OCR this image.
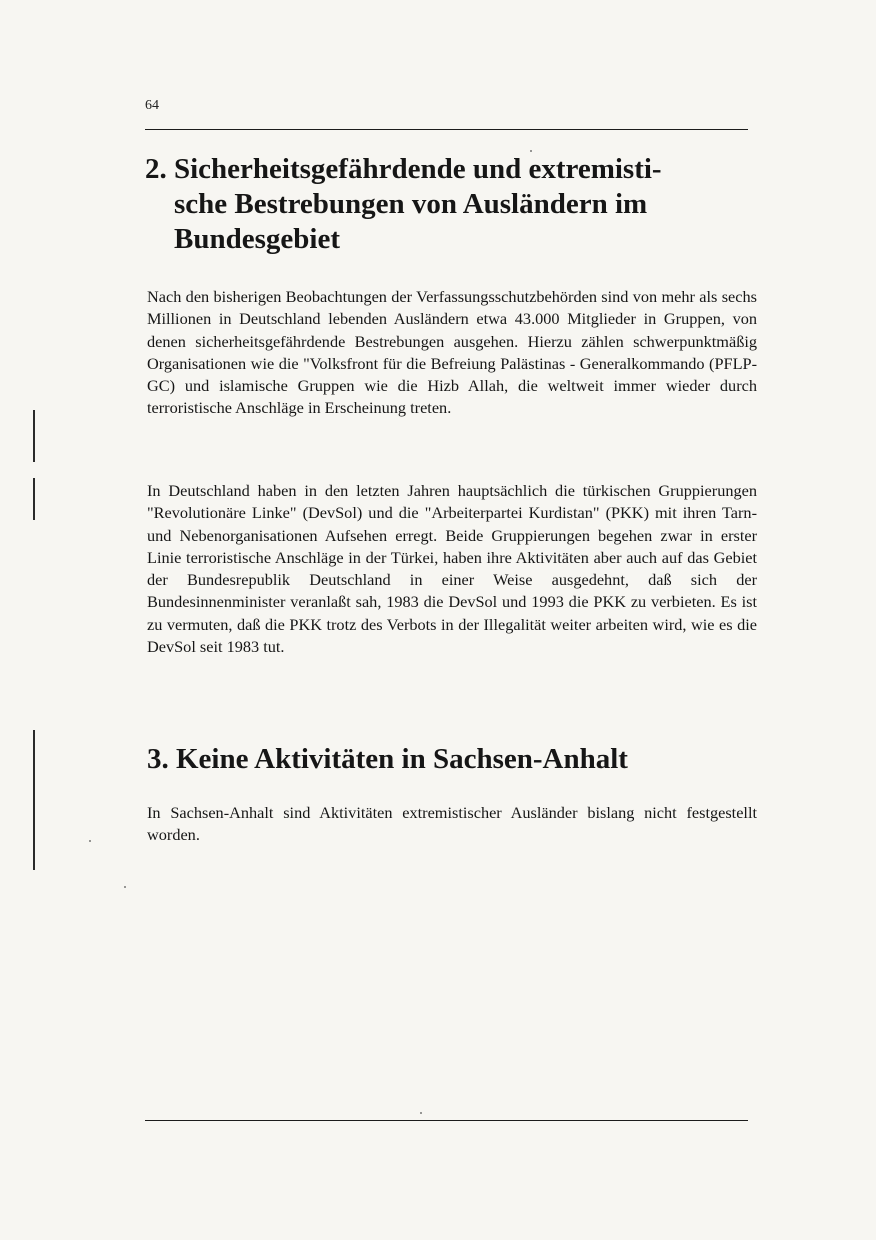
64
2. Sicherheitsgefährdende und extremisti-
sche Bestrebungen von Ausländern im
Bundesgebiet

Nach den bisherigen Beobachtungen der Verfassungsschutzbehörden sind von mehr als sechs Millionen in Deutschland lebenden Ausländern etwa 43.000 Mitglieder in Gruppen, von denen sicherheitsgefährdende Bestrebungen ausgehen. Hierzu zählen schwerpunktmäßig Organisationen wie die "Volksfront für die Befreiung Palästinas - Generalkommando (PFLP-GC) und islamische Gruppen wie die Hizb Allah, die weltweit immer wieder durch terroristische Anschläge in Erscheinung treten.

In Deutschland haben in den letzten Jahren hauptsächlich die türkischen Gruppierungen "Revolutionäre Linke" (DevSol) und die "Arbeiterpartei Kurdistan" (PKK) mit ihren Tarn- und Nebenorganisationen Aufsehen erregt. Beide Gruppierungen begehen zwar in erster Linie terroristische Anschläge in der Türkei, haben ihre Aktivitäten aber auch auf das Gebiet der Bundesrepublik Deutschland in einer Weise ausgedehnt, daß sich der Bundesinnenminister veranlaßt sah, 1983 die DevSol und 1993 die PKK zu verbieten. Es ist zu vermuten, daß die PKK trotz des Verbots in der Illegalität weiter arbeiten wird, wie es die DevSol seit 1983 tut.

3. Keine Aktivitäten in Sachsen-Anhalt

In Sachsen-Anhalt sind Aktivitäten extremistischer Ausländer bislang nicht festgestellt worden.
